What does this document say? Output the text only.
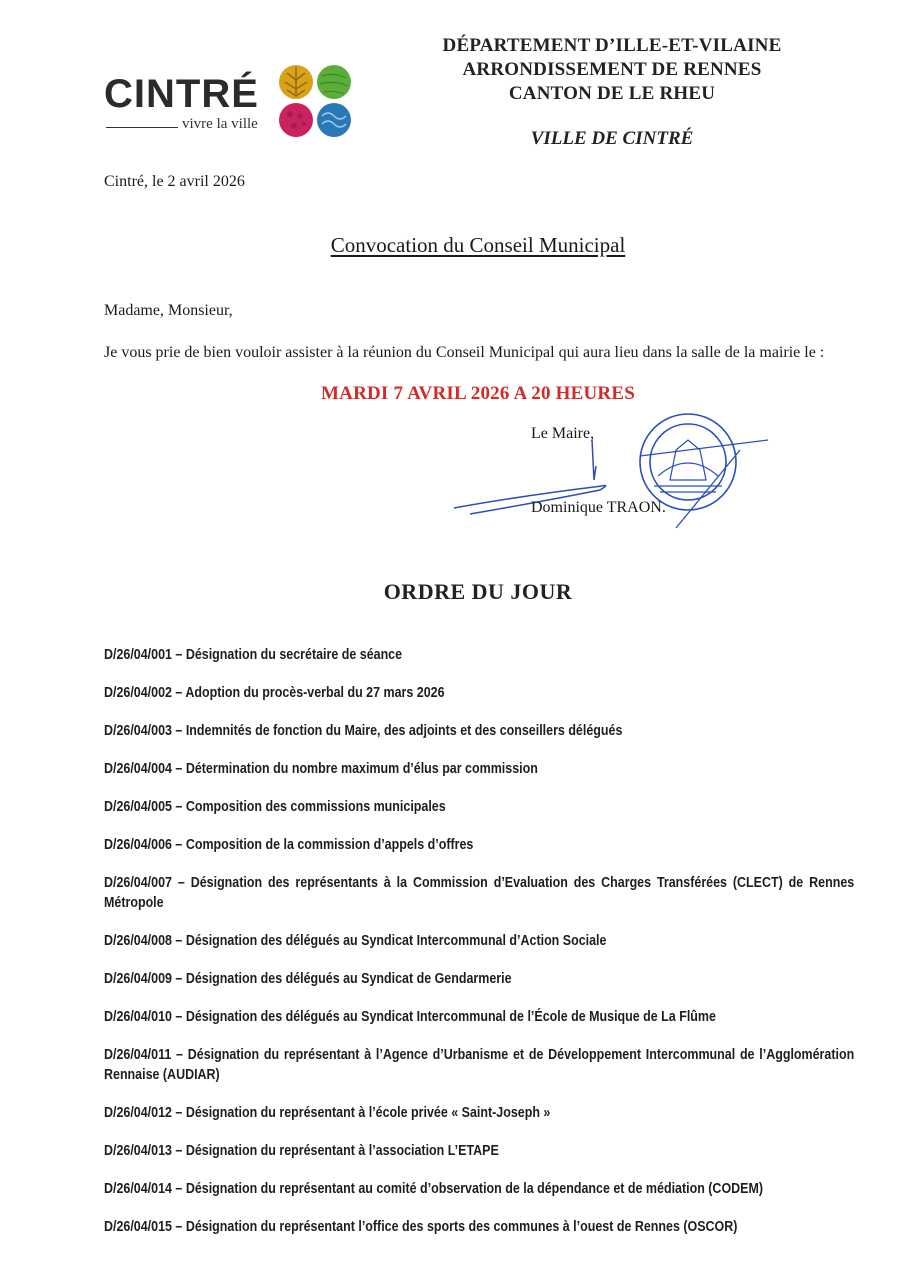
CINTRÉ
vivre la ville
DÉPARTEMENT D’ILLE-ET-VILAINE
ARRONDISSEMENT DE RENNES
CANTON DE LE RHEU
VILLE DE CINTRÉ
Cintré, le 2 avril 2026
Convocation du Conseil Municipal
Madame, Monsieur,
Je vous prie de bien vouloir assister à la réunion du Conseil Municipal qui aura lieu dans la salle de la mairie le :
MARDI 7 AVRIL 2026 A 20 HEURES
Le Maire,
Dominique TRAON.
ORDRE DU JOUR

D/26/04/001 – Désignation du secrétaire de séance

D/26/04/002 – Adoption du procès-verbal du 27 mars 2026

D/26/04/003 – Indemnités de fonction du Maire, des adjoints et des conseillers délégués

D/26/04/004 – Détermination du nombre maximum d’élus par commission

D/26/04/005 – Composition des commissions municipales

D/26/04/006 – Composition de la commission d’appels d’offres

D/26/04/007 – Désignation des représentants à la Commission d’Evaluation des Charges Transférées (CLECT) de Rennes Métropole

D/26/04/008 – Désignation des délégués au Syndicat Intercommunal d’Action Sociale

D/26/04/009 – Désignation des délégués au Syndicat de Gendarmerie

D/26/04/010 – Désignation des délégués au Syndicat Intercommunal de l’École de Musique de La Flûme

D/26/04/011 – Désignation du représentant à l’Agence d’Urbanisme et de Développement Intercommunal de l’Agglomération Rennaise (AUDIAR)

D/26/04/012 – Désignation du représentant à l’école privée « Saint-Joseph »

D/26/04/013 – Désignation du représentant à l’association L’ETAPE

D/26/04/014 – Désignation du représentant au comité d’observation de la dépendance et de médiation (CODEM)

D/26/04/015 – Désignation du représentant l’office des sports des communes à l’ouest de Rennes (OSCOR)
